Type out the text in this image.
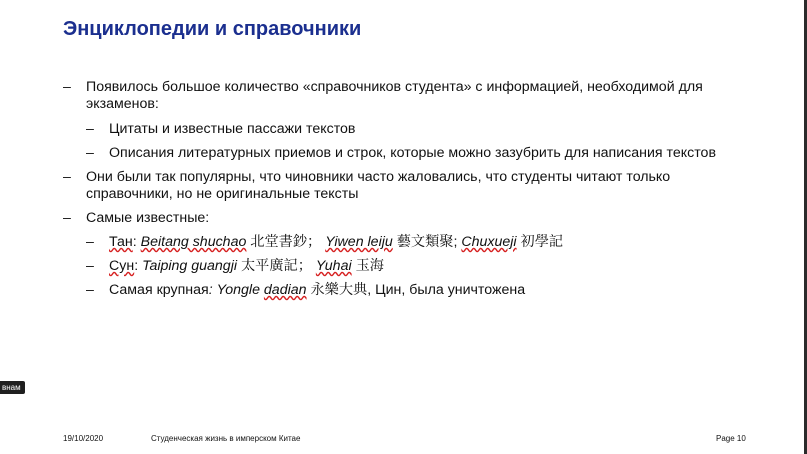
Энциклопедии и справочники
– Появилось большое количество «справочников студента» с информацией, необходимой для
экзаменов:
– Цитаты и известные пассажи текстов
– Описания литературных приемов и строк, которые можно зазубрить для написания текстов
– Они были так популярны, что чиновники часто жаловались, что студенты читают только
справочники, но не оригинальные тексты
– Самые известные:
– Тан: Beitang shuchao 北堂書鈔； Yiwen leiju 藝文類聚; Chuxueji 初學記
– Сун: Taiping guangji 太平廣記； Yuhai 玉海
– Самая крупная: Yongle dadian 永樂大典, Цин, была уничтожена
внам
19/10/2020	Студенческая жизнь в имперском Китае	Page 10
